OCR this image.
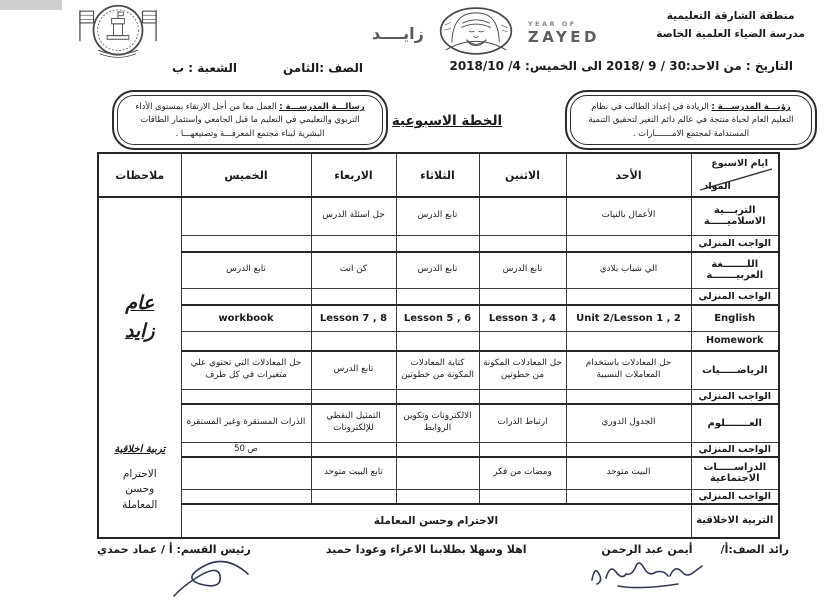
منطقة الشارقة التعليمية
مدرسة الضياء العلمية الخاصة
زايــــد	YEAR OF
ZAYED
التاريخ : من الاحد:30 / 9 /2018 الى الخميس: 4/ 2018/10
الصف :الثامن
الشعبة : ب
رؤيـــة المدرســـة : الريادة في إعداد الطالب في نظام التعليم العام لحياة منتجة في عالم دائم التغير لتحقيق التنمية المستدامة لمجتمع الامـــــــارات .
رسالـــة المدرســـة : العمل معا من أجل الارتقاء بمستوى الأداء التربوي والتعليمي في التعليم ما قبل الجامعي واستثمار الطاقات البشرية لبناء مجتمع المعرفـــة وتصنيعهـــا .
الخطة الاسبوعية
ايام الاسبوع
المواد	الأحد	الاثنين	الثلاثاء	الاربعاء	الخميس	ملاحظات
التربـــية الاسلاميـــــة	الأعمال بالنيات		تابع الدرس	حل اسئلة الدرس		عام زايد
تربية اخلاقية
الاحترام وحسن المعاملة

الواجب المنزلي						
اللـــــــغة العربيـــــــة	الي شباب بلادي	تابع الدرس	تابع الدرس	كن انت	تابع الدرس	
الواجب المنزلي						
English	Unit 2/Lesson 1 , 2	Lesson 3 , 4	Lesson 5 , 6	Lesson 7 , 8	workbook	
Homework						
الرياضـــــيات	حل المعادلات باستخدام المعاملات النسبية	حل المعادلات المكونة من خطوتين	كتابة المعادلات المكونة من خطوتين	تابع الدرس	حل المعادلات التي تحتوي علي متغيرات في كل طرف	
الواجب المنزلي						
العـــــــلوم	الجدول الدوري	ارتباط الذرات	الالكترونات وتكوين الروابط	التمثيل النقطي للإلكترونات	الذرات المستقرة وغير المستقرة	
الواجب المنزلي					ص 50	
الدراســـــات الاجتماعية	البيت متوحد	ومضات من فكر		تابع البيت متوحد		
الواجب المنزلي						
التربية الاخلاقية	الاحترام وحسن المعاملة					
رائد الصف:أ/
أيمن عبد الرحمن
اهلا وسهلا بطلابنا الاعزاء وعودا حميد
رئيس القسم: أ / عماد حمدي
